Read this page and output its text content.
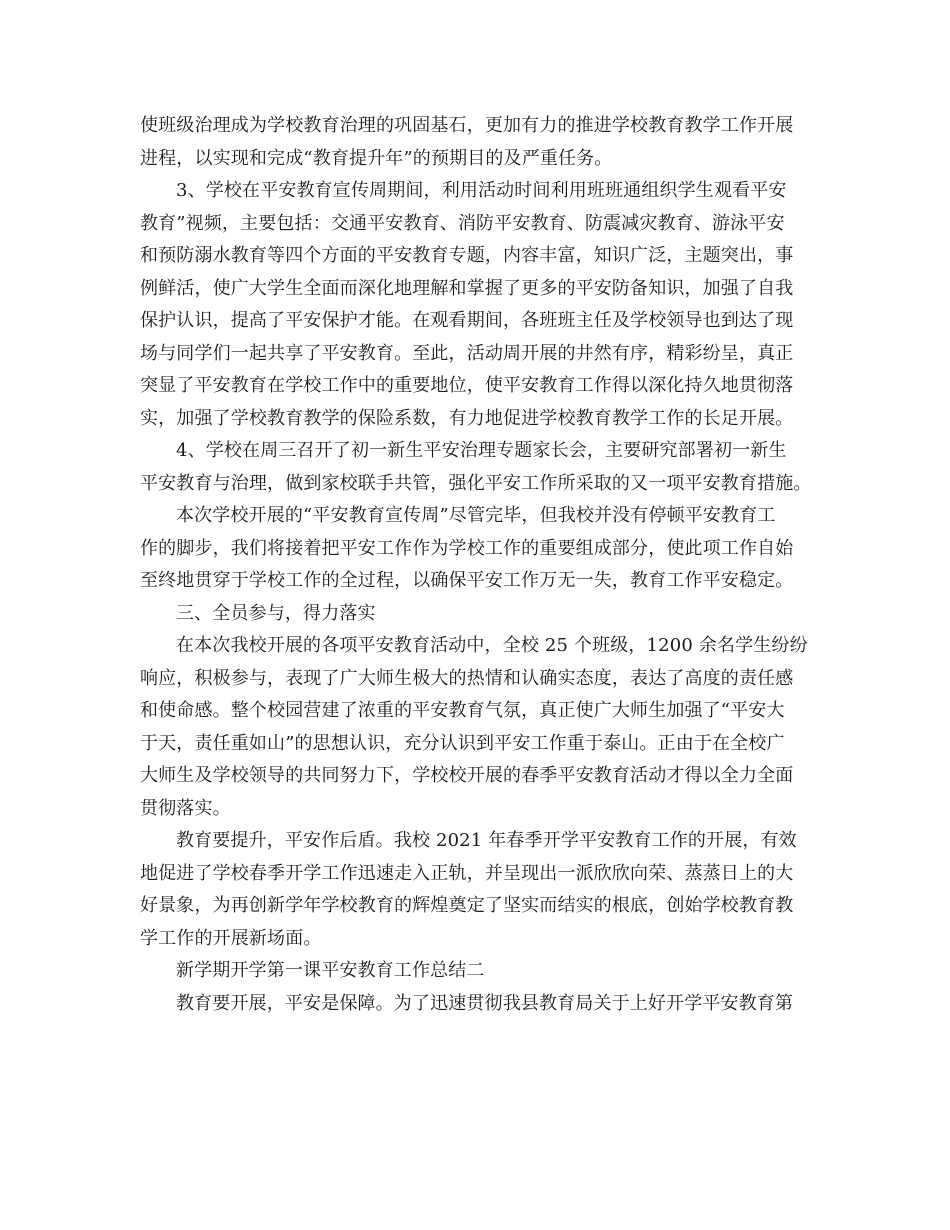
使班级治理成为学校教育治理的巩固基石，更加有力的推进学校教育教学工作开展
进程，以实现和完成“教育提升年”的预期目的及严重任务。
3、学校在平安教育宣传周期间，利用活动时间利用班班通组织学生观看平安
教育”视频，主要包括：交通平安教育、消防平安教育、防震减灾教育、游泳平安
和预防溺水教育等四个方面的平安教育专题，内容丰富，知识广泛，主题突出，事
例鲜活，使广大学生全面而深化地理解和掌握了更多的平安防备知识，加强了自我
保护认识，提高了平安保护才能。在观看期间，各班班主任及学校领导也到达了现
场与同学们一起共享了平安教育。至此，活动周开展的井然有序，精彩纷呈，真正
突显了平安教育在学校工作中的重要地位，使平安教育工作得以深化持久地贯彻落
实，加强了学校教育教学的保险系数，有力地促进学校教育教学工作的长足开展。
4、学校在周三召开了初一新生平安治理专题家长会，主要研究部署初一新生
平安教育与治理，做到家校联手共管，强化平安工作所采取的又一项平安教育措施。
本次学校开展的“平安教育宣传周”尽管完毕，但我校并没有停顿平安教育工
作的脚步，我们将接着把平安工作作为学校工作的重要组成部分，使此项工作自始
至终地贯穿于学校工作的全过程，以确保平安工作万无一失，教育工作平安稳定。
三、全员参与，得力落实
在本次我校开展的各项平安教育活动中，全校 25 个班级，1200 余名学生纷纷
响应，积极参与，表现了广大师生极大的热情和认确实态度，表达了高度的责任感
和使命感。整个校园营建了浓重的平安教育气氛，真正使广大师生加强了“平安大
于天，责任重如山”的思想认识，充分认识到平安工作重于泰山。正由于在全校广
大师生及学校领导的共同努力下，学校校开展的春季平安教育活动才得以全力全面
贯彻落实。
教育要提升，平安作后盾。我校 2021 年春季开学平安教育工作的开展，有效
地促进了学校春季开学工作迅速走入正轨，并呈现出一派欣欣向荣、蒸蒸日上的大
好景象，为再创新学年学校教育的辉煌奠定了坚实而结实的根底，创始学校教育教
学工作的开展新场面。
新学期开学第一课平安教育工作总结二
教育要开展，平安是保障。为了迅速贯彻我县教育局关于上好开学平安教育第
